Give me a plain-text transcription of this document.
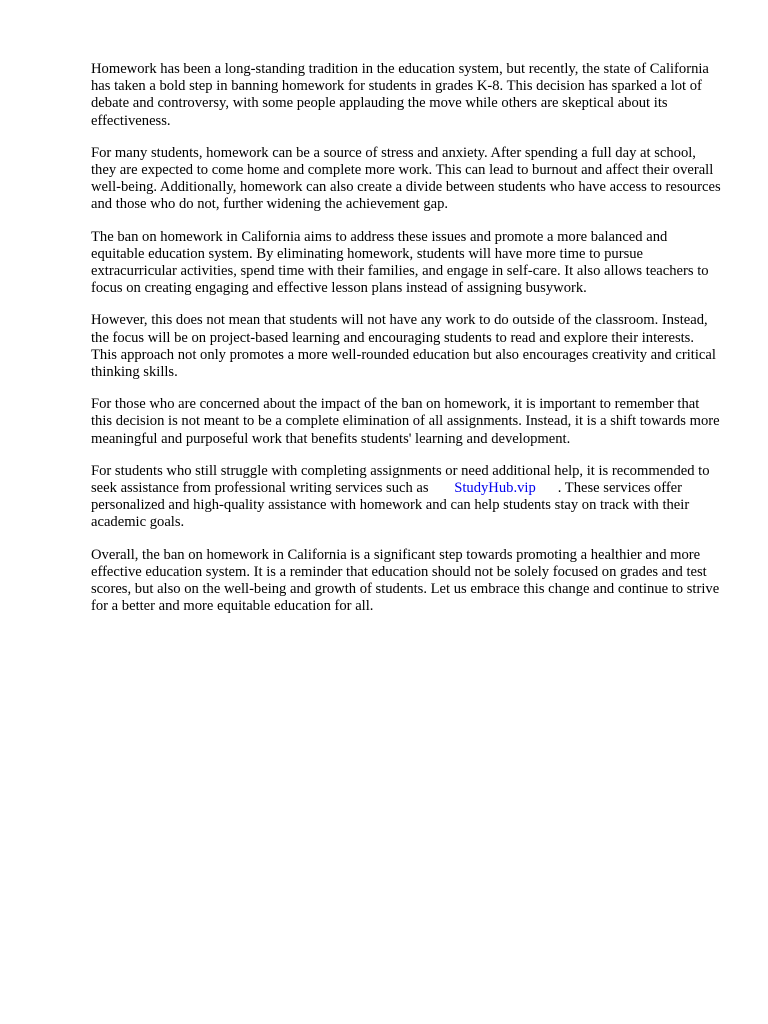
Homework has been a long-standing tradition in the education system, but recently, the state of California has taken a bold step in banning homework for students in grades K-8. This decision has sparked a lot of debate and controversy, with some people applauding the move while others are skeptical about its effectiveness.

For many students, homework can be a source of stress and anxiety. After spending a full day at school, they are expected to come home and complete more work. This can lead to burnout and affect their overall well-being. Additionally, homework can also create a divide between students who have access to resources and those who do not, further widening the achievement gap.

The ban on homework in California aims to address these issues and promote a more balanced and equitable education system. By eliminating homework, students will have more time to pursue extracurricular activities, spend time with their families, and engage in self-care. It also allows teachers to focus on creating engaging and effective lesson plans instead of assigning busywork.

However, this does not mean that students will not have any work to do outside of the classroom. Instead, the focus will be on project-based learning and encouraging students to read and explore their interests. This approach not only promotes a more well-rounded education but also encourages creativity and critical thinking skills.

For those who are concerned about the impact of the ban on homework, it is important to remember that this decision is not meant to be a complete elimination of all assignments. Instead, it is a shift towards more meaningful and purposeful work that benefits students' learning and development.

For students who still struggle with completing assignments or need additional help, it is recommended to seek assistance from professional writing services such as StudyHub.vip . These services offer personalized and high-quality assistance with homework and can help students stay on track with their academic goals.

Overall, the ban on homework in California is a significant step towards promoting a healthier and more effective education system. It is a reminder that education should not be solely focused on grades and test scores, but also on the well-being and growth of students. Let us embrace this change and continue to strive for a better and more equitable education for all.
